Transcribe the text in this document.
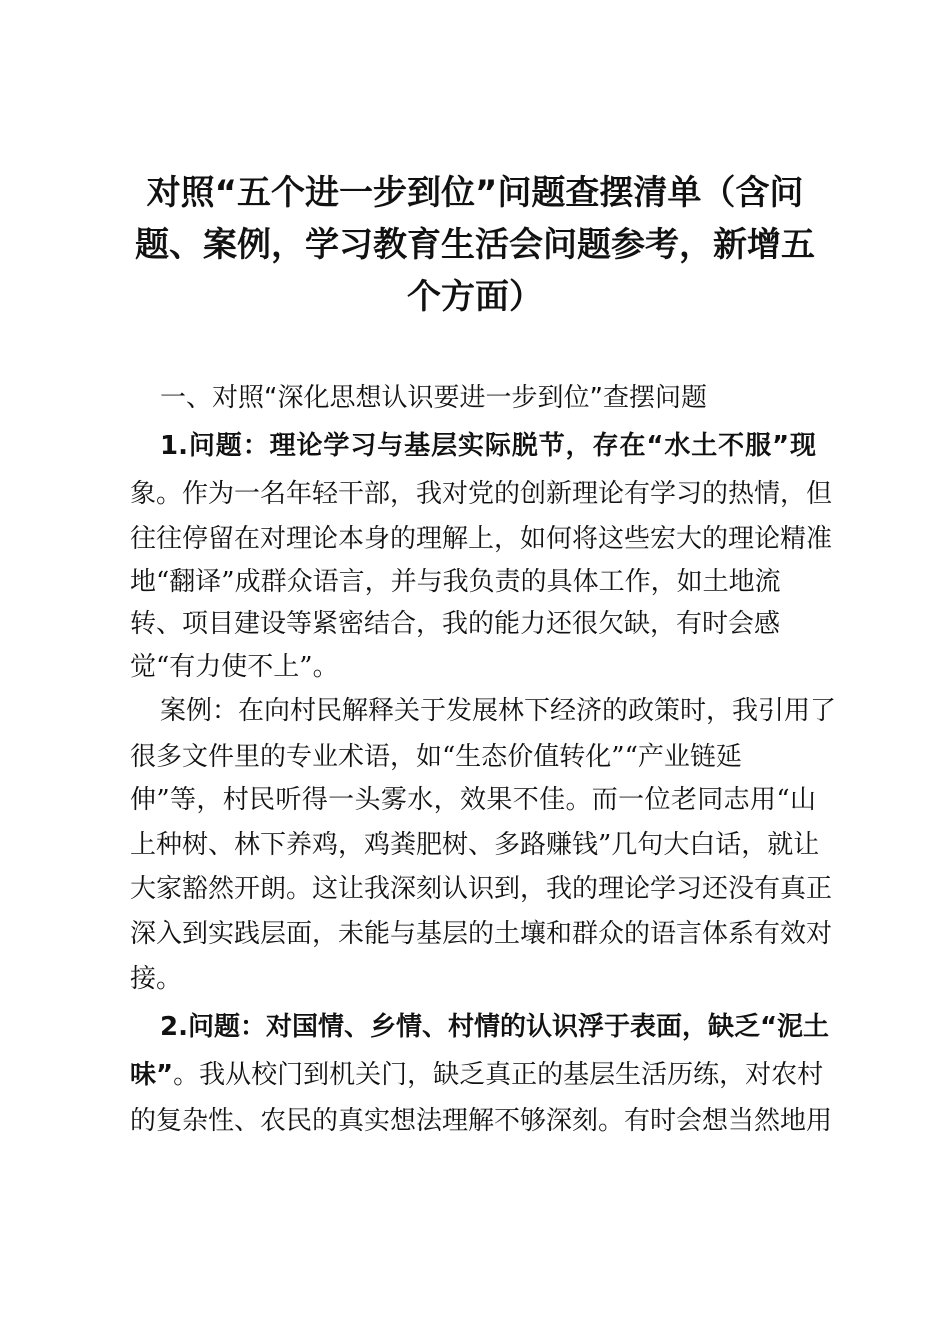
对照“五个进一步到位”问题查摆清单（含问
题、案例，学习教育生活会问题参考，新增五
个方面）
一、对照“深化思想认识要进一步到位”查摆问题
1.问题：理论学习与基层实际脱节，存在“水土不服”现
象。作为一名年轻干部，我对党的创新理论有学习的热情，但
往往停留在对理论本身的理解上，如何将这些宏大的理论精准
地“翻译”成群众语言，并与我负责的具体工作，如土地流
转、项目建设等紧密结合，我的能力还很欠缺，有时会感
觉“有力使不上”。
案例：在向村民解释关于发展林下经济的政策时，我引用了
很多文件里的专业术语，如“生态价值转化”“产业链延
伸”等，村民听得一头雾水，效果不佳。而一位老同志用“山
上种树、林下养鸡，鸡粪肥树、多路赚钱”几句大白话，就让
大家豁然开朗。这让我深刻认识到，我的理论学习还没有真正
深入到实践层面，未能与基层的土壤和群众的语言体系有效对
接。
2.问题：对国情、乡情、村情的认识浮于表面，缺乏“泥土
味” 。我从校门到机关门，缺乏真正的基层生活历练，对农村
的复杂性、农民的真实想法理解不够深刻。有时会想当然地用
